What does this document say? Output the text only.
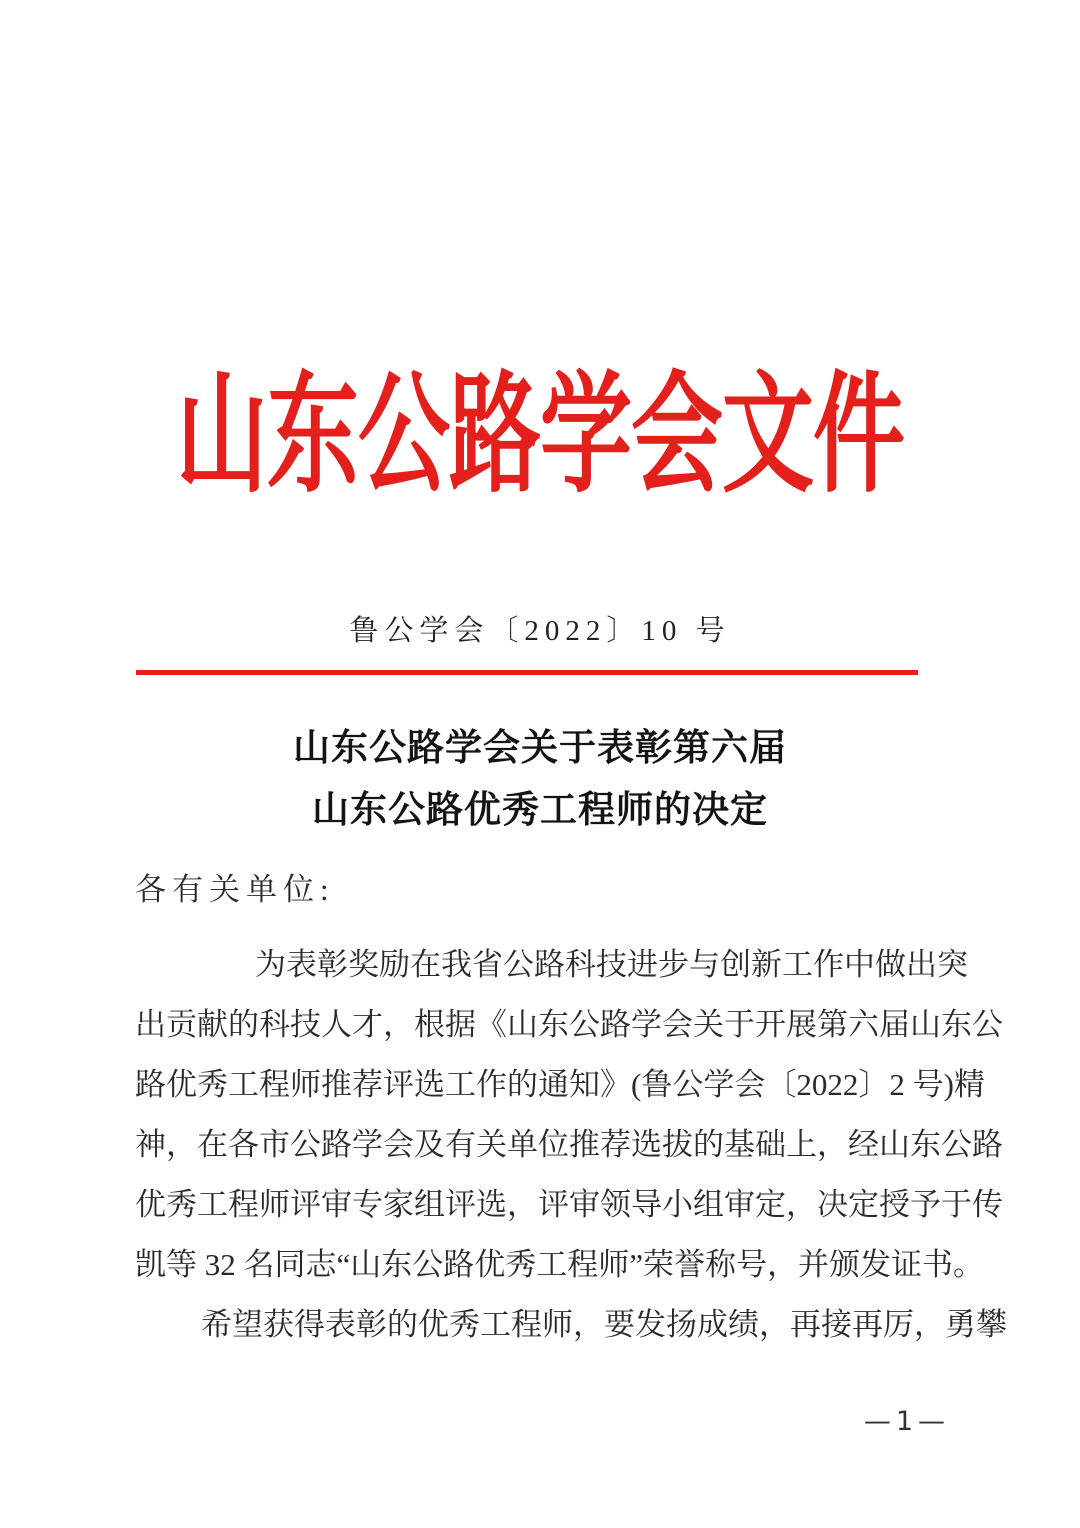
山东公路学会文件
鲁公学会〔2022〕10 号
山东公路学会关于表彰第六届
山东公路优秀工程师的决定
各有关单位:
为表彰奖励在我省公路科技进步与创新工作中做出突
出贡献的科技人才，根据《山东公路学会关于开展第六届山东公
路优秀工程师推荐评选工作的通知》(鲁公学会〔2022〕2 号)精
神，在各市公路学会及有关单位推荐选拔的基础上，经山东公路
优秀工程师评审专家组评选，评审领导小组审定，决定授予于传
凯等 32 名同志“山东公路优秀工程师”荣誉称号，并颁发证书。
希望获得表彰的优秀工程师，要发扬成绩，再接再厉，勇攀
—1—
